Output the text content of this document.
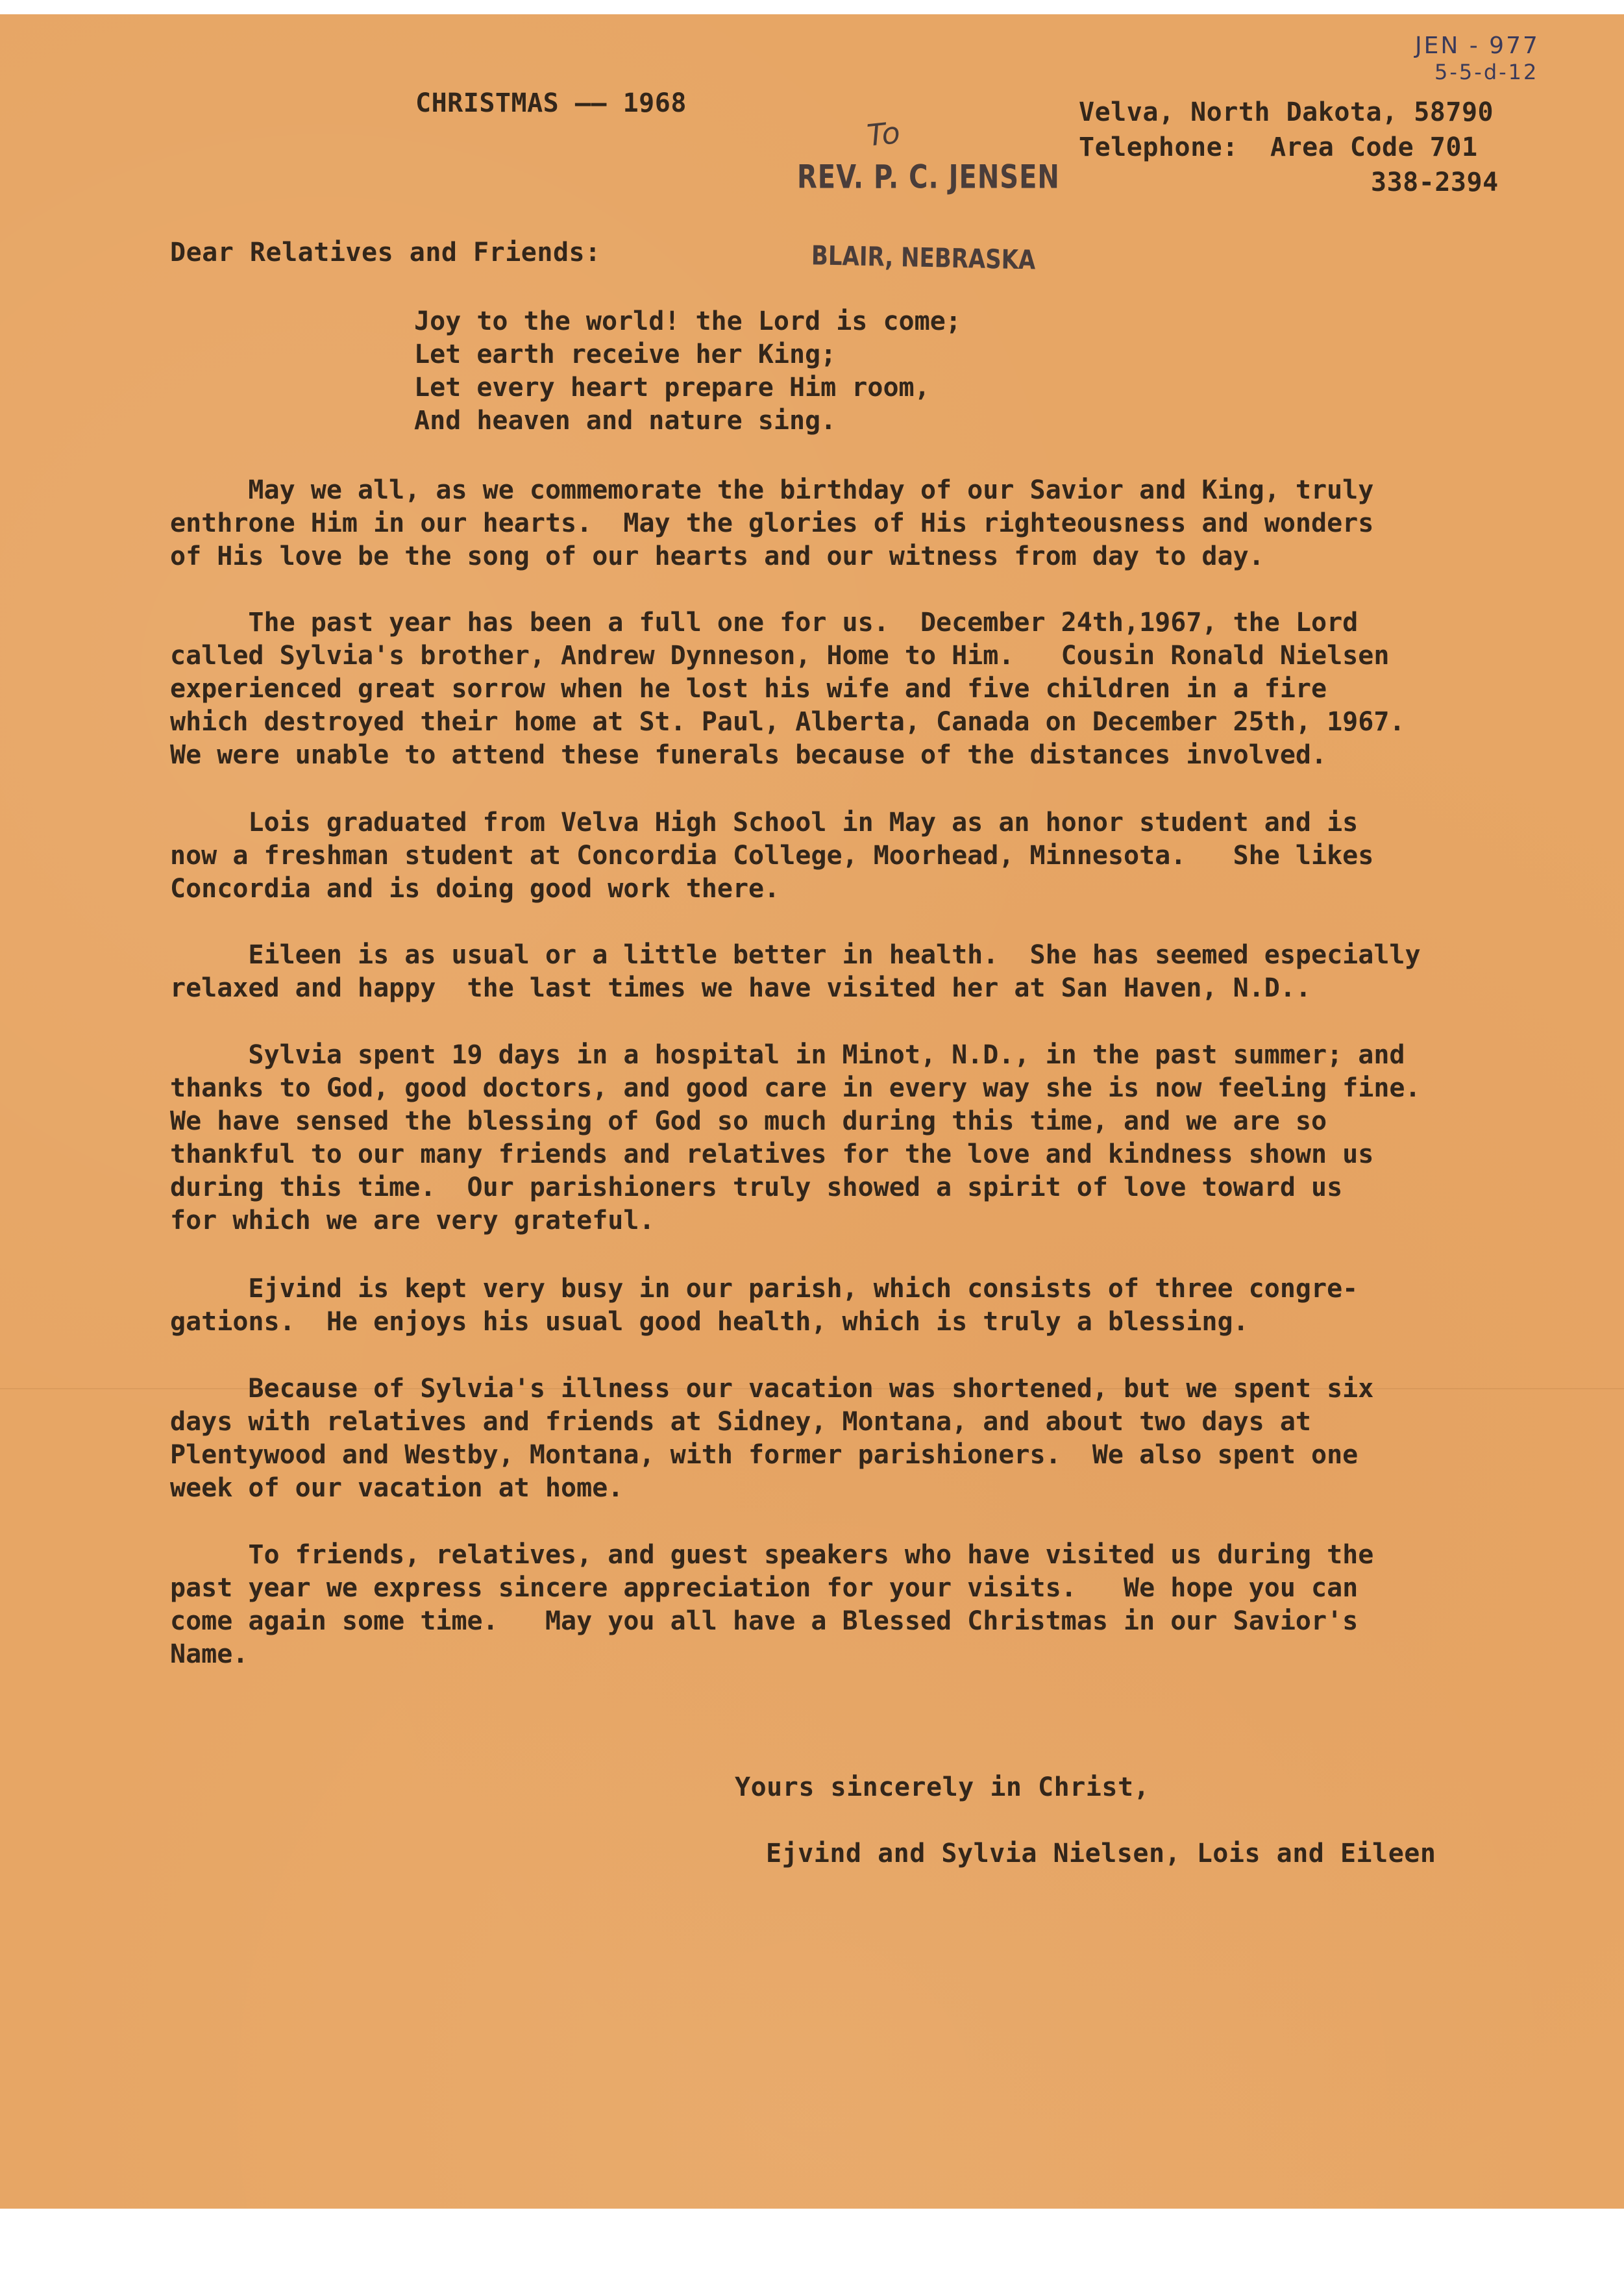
CHRISTMAS —— 1968	Velva, North Dakota, 58790
Telephone:  Area Code 701
338-2394
To
REV. P. C. JENSEN
BLAIR, NEBRASKA
JEN - 977
5-5-d-12
Dear Relatives and Friends:
Joy to the world! the Lord is come;
Let earth receive her King;
Let every heart prepare Him room,
And heaven and nature sing.
May we all, as we commemorate the birthday of our Savior and King, truly
enthrone Him in our hearts.  May the glories of His righteousness and wonders
of His love be the song of our hearts and our witness from day to day.
The past year has been a full one for us.  December 24th,1967, the Lord
called Sylvia's brother, Andrew Dynneson, Home to Him.   Cousin Ronald Nielsen
experienced great sorrow when he lost his wife and five children in a fire
which destroyed their home at St. Paul, Alberta, Canada on December 25th, 1967.
We were unable to attend these funerals because of the distances involved.
Lois graduated from Velva High School in May as an honor student and is
now a freshman student at Concordia College, Moorhead, Minnesota.   She likes
Concordia and is doing good work there.
Eileen is as usual or a little better in health.  She has seemed especially
relaxed and happy  the last times we have visited her at San Haven, N.D..
Sylvia spent 19 days in a hospital in Minot, N.D., in the past summer; and
thanks to God, good doctors, and good care in every way she is now feeling fine.
We have sensed the blessing of God so much during this time, and we are so
thankful to our many friends and relatives for the love and kindness shown us
during this time.  Our parishioners truly showed a spirit of love toward us
for which we are very grateful.
Ejvind is kept very busy in our parish, which consists of three congre-
gations.  He enjoys his usual good health, which is truly a blessing.
Because of Sylvia's illness our vacation was shortened, but we spent six
days with relatives and friends at Sidney, Montana, and about two days at
Plentywood and Westby, Montana, with former parishioners.  We also spent one
week of our vacation at home.
To friends, relatives, and guest speakers who have visited us during the
past year we express sincere appreciation for your visits.   We hope you can
come again some time.   May you all have a Blessed Christmas in our Savior's
Name.
Yours sincerely in Christ,
Ejvind and Sylvia Nielsen, Lois and Eileen
